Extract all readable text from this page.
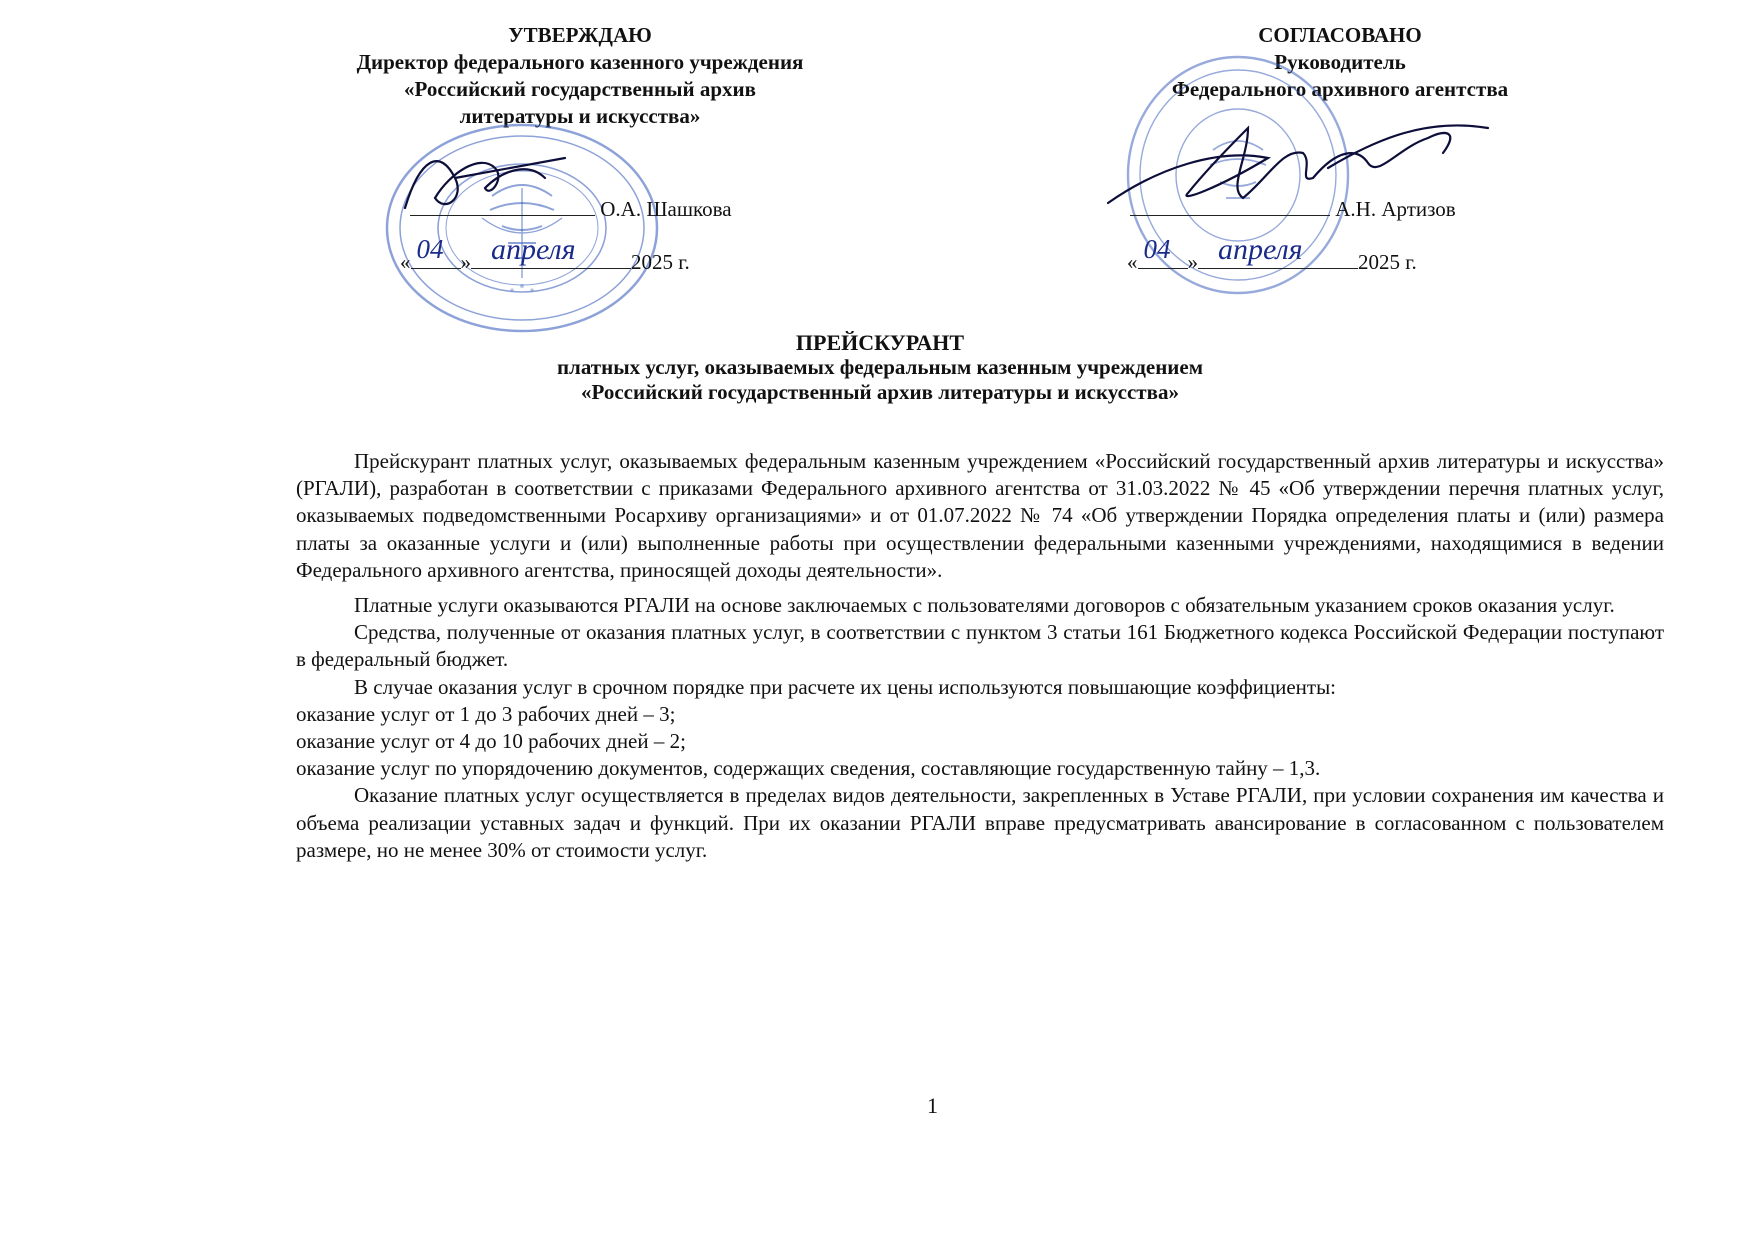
УТВЕРЖДАЮ
Директор федерального казенного учреждения
«Российский государственный архив
литературы и искусства»
СОГЛАСОВАНО
Руководитель
Федерального архивного агентства
О.А. Шашкова
« 04 » апреля	2025 г.
А.Н. Артизов
« 04 » апреля	2025 г.
ПРЕЙСКУРАНТ
платных услуг, оказываемых федеральным казенным учреждением
«Российский государственный архив литературы и искусства»

Прейскурант платных услуг, оказываемых федеральным казенным учреждением «Российский государственный архив литературы и искусства» (РГАЛИ), разработан в соответствии с приказами Федерального архивного агентства от 31.03.2022 № 45 «Об утверждении перечня платных услуг, оказываемых подведомственными Росархиву организациями» и от 01.07.2022 № 74 «Об утверждении Порядка определения платы и (или) размера платы за оказанные услуги и (или) выполненные работы при осуществлении федеральными казенными учреждениями, находящимися в ведении Федерального архивного агентства, приносящей доходы деятельности».

Платные услуги оказываются РГАЛИ на основе заключаемых с пользователями договоров с обязательным указанием сроков оказания услуг.

Средства, полученные от оказания платных услуг, в соответствии с пунктом 3 статьи 161 Бюджетного кодекса Российской Федерации поступают в федеральный бюджет.

В случае оказания услуг в срочном порядке при расчете их цены используются повышающие коэффициенты:

оказание услуг от 1 до 3 рабочих дней – 3;

оказание услуг от 4 до 10 рабочих дней – 2;

оказание услуг по упорядочению документов, содержащих сведения, составляющие государственную тайну – 1,3.

Оказание платных услуг осуществляется в пределах видов деятельности, закрепленных в Уставе РГАЛИ, при условии сохранения им качества и объема реализации уставных задач и функций. При их оказании РГАЛИ вправе предусматривать авансирование в согласованном с пользователем размере, но не менее 30% от стоимости услуг.

1
